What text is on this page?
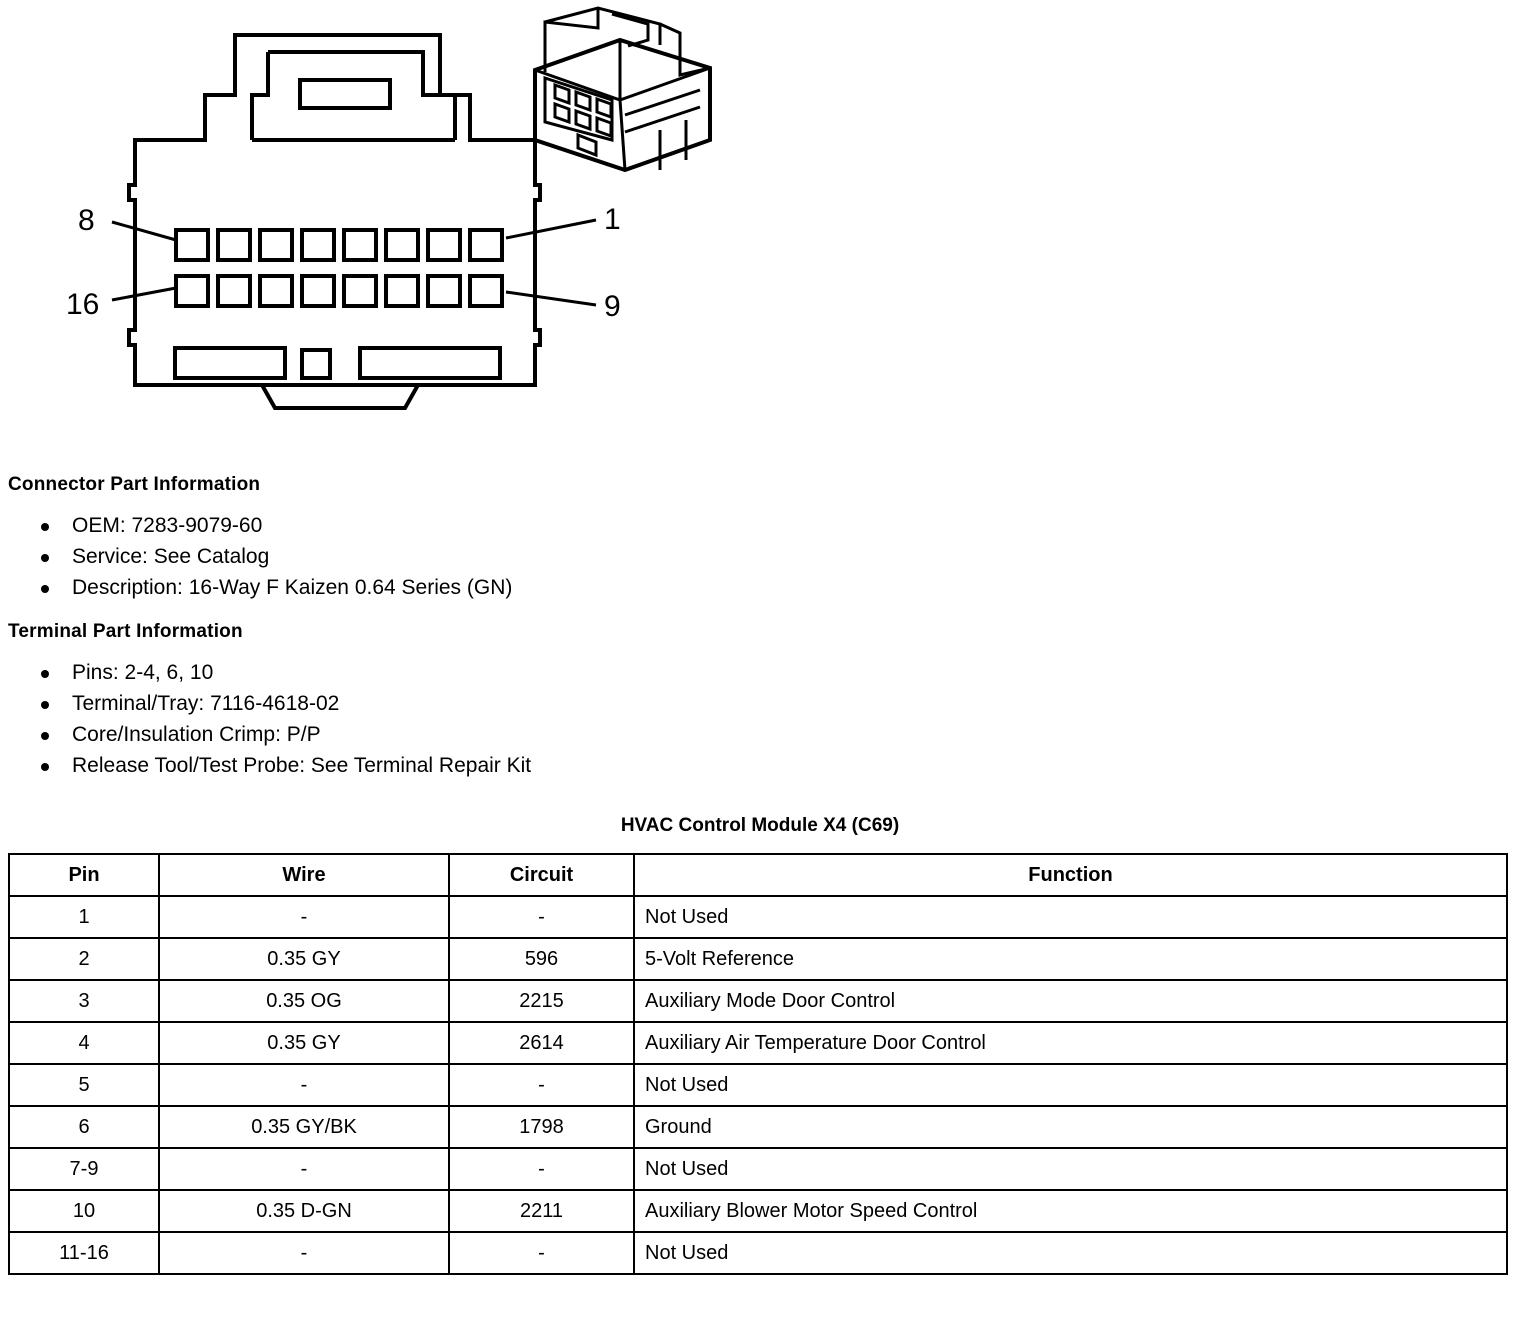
8	1
16	9
Connector Part Information
OEM: 7283-9079-60
Service: See Catalog
Description: 16-Way F Kaizen 0.64 Series (GN)
Terminal Part Information
Pins: 2-4, 6, 10
Terminal/Tray: 7116-4618-02
Core/Insulation Crimp: P/P
Release Tool/Test Probe: See Terminal Repair Kit
HVAC Control Module X4 (C69)
Pin	Wire	Circuit	Function
1	-	-	Not Used
2	0.35 GY	596	5-Volt Reference
3	0.35 OG	2215	Auxiliary Mode Door Control
4	0.35 GY	2614	Auxiliary Air Temperature Door Control
5	-	-	Not Used
6	0.35 GY/BK	1798	Ground
7-9	-	-	Not Used
10	0.35 D-GN	2211	Auxiliary Blower Motor Speed Control
11-16	-	-	Not Used
